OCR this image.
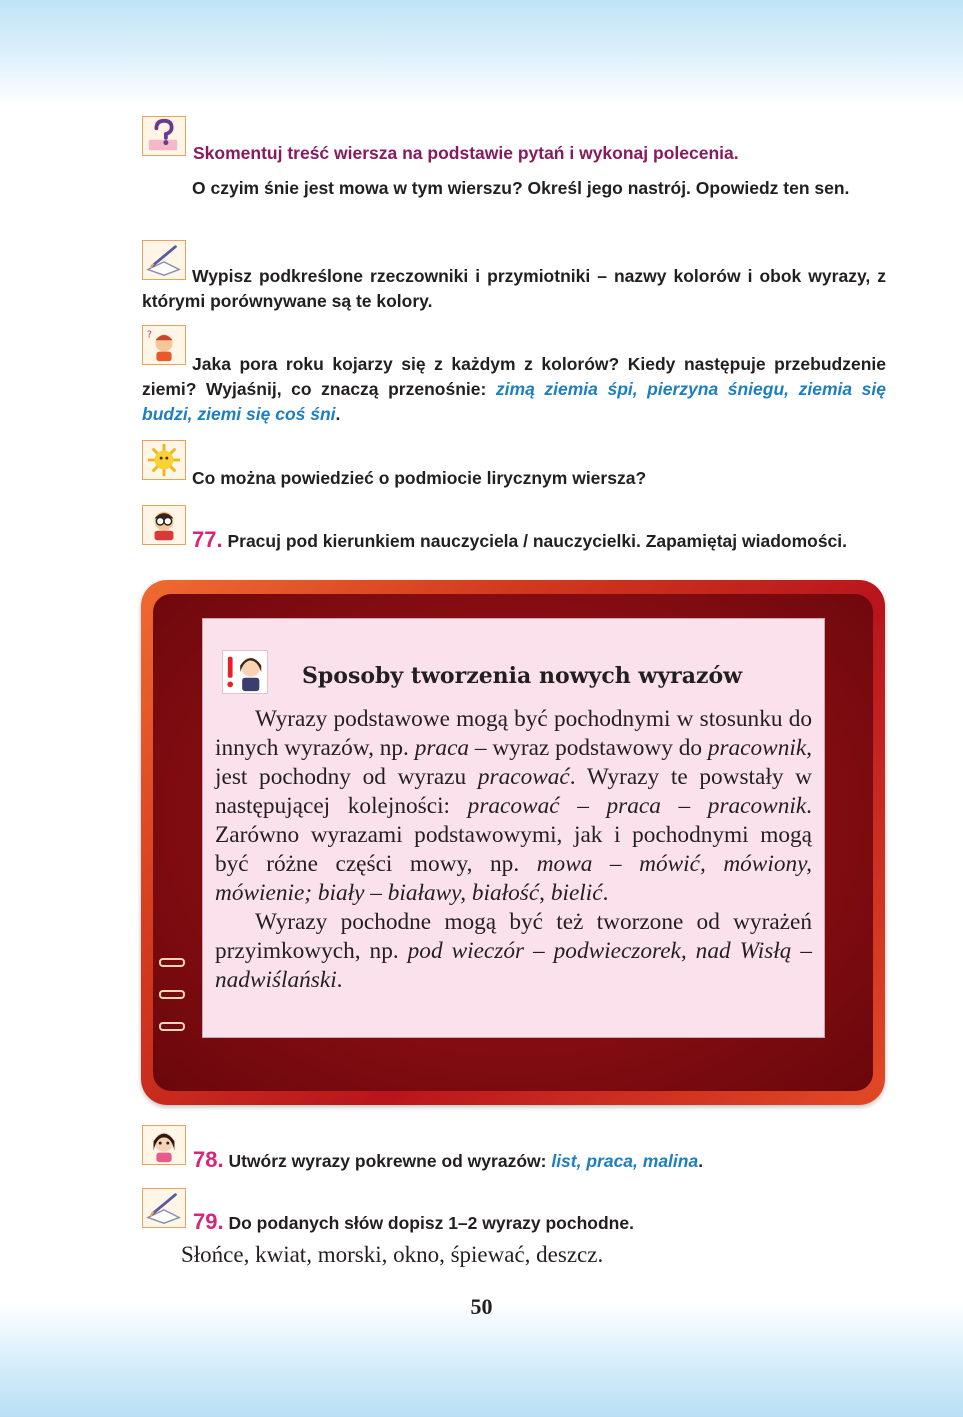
Skomentuj treść wiersza na podstawie pytań i wykonaj polecenia.
O czyim śnie jest mowa w tym wierszu? Określ jego nastrój. Opowiedz ten sen.
Wypisz podkreślone rzeczowniki i przymiotniki – nazwy kolorów i obok wyrazy, z którymi porównywane są te kolory.
?
Jaka pora roku kojarzy się z każdym z kolorów? Kiedy następuje przebudzenie ziemi? Wyjaśnij, co znaczą przenośnie: zimą ziemia śpi, pierzyna śniegu, ziemia się budzi, ziemi się coś śni.
Co można powiedzieć o podmiocie lirycznym wiersza?
77. Pracuj pod kierunkiem nauczyciela / nauczycielki. Zapamiętaj wiadomości.
Sposoby tworzenia nowych wyrazów

Wyrazy podstawowe mogą być pochodnymi w stosunku do innych wyrazów, np. praca – wyraz podstawowy do pracownik, jest pochodny od wyrazu pracować. Wyrazy te powstały w następującej kolejności: pracować – praca – pracownik. Zarówno wyrazami podstawowymi, jak i pochodnymi mogą być różne części mowy, np. mowa – mówić, mówiony, mówienie; biały – białawy, białość, bielić.

Wyrazy pochodne mogą być też tworzone od wyrażeń przyimkowych, np. pod wieczór – podwieczorek, nad Wisłą – nadwiślański.

78. Utwórz wyrazy pokrewne od wyrazów: list, praca, malina.
79. Do podanych słów dopisz 1–2 wyrazy pochodne.
Słońce, kwiat, morski, okno, śpiewać, deszcz.
50
